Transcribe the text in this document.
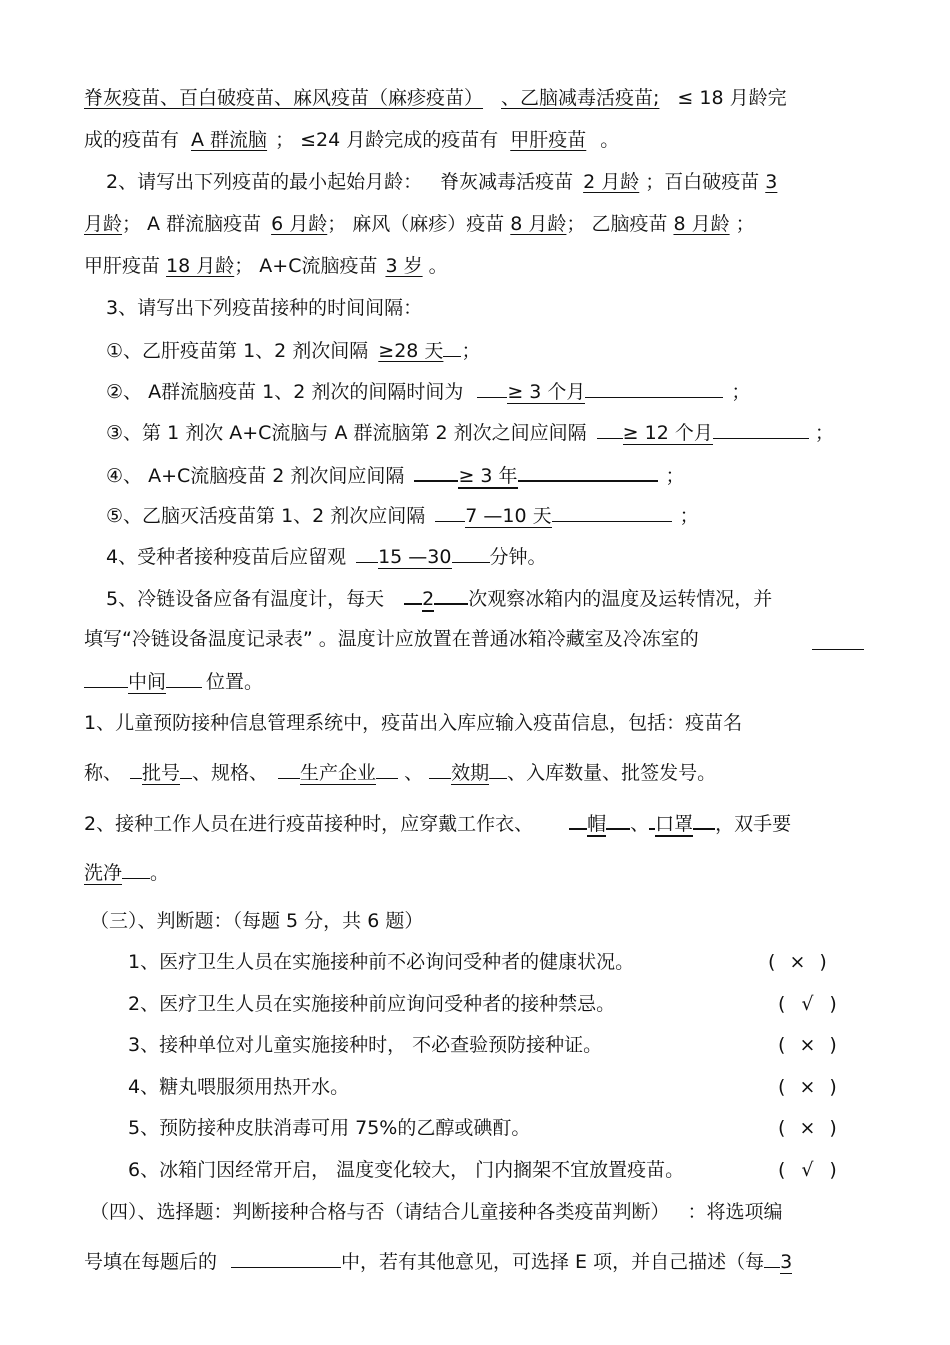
脊灰疫苗、百白破疫苗、麻风疫苗（麻疹疫苗） 、乙脑减毒活疫苗; ≤ 18 月龄完
成的疫苗有 A 群流脑 ； ≤24 月龄完成的疫苗有 甲肝疫苗 。
2、请写出下列疫苗的最小起始月龄： 脊灰减毒活疫苗 2 月龄 ；百白破疫苗 3
月龄； A 群流脑疫苗 6 月龄； 麻风（麻疹）疫苗 8 月龄； 乙脑疫苗 8 月龄 ；
甲肝疫苗 18 月龄； A+C流脑疫苗 3 岁 。
3、请写出下列疫苗接种的时间间隔：
①、乙肝疫苗第 1、2 剂次间隔 ≥28 天 ；
②、 A群流脑疫苗 1、2 剂次的间隔时间为 ≥ 3 个月	；
③、第 1 剂次 A+C流脑与 A 群流脑第 2 剂次之间应间隔 ≥ 12 个月	；
④、 A+C流脑疫苗 2 剂次间应间隔	≥ 3 年	；
⑤、乙脑灭活疫苗第 1、2 剂次应间隔 7 —10 天	；
4、受种者接种疫苗后应留观 15 —30 分钟。
5、冷链设备应备有温度计，每天 2 次观察冰箱内的温度及运转情况，并
填写“冷链设备温度记录表” 。温度计应放置在普通冰箱冷藏室及冷冻室的
中间 位置。
1、儿童预防接种信息管理系统中，疫苗出入库应输入疫苗信息，包括：疫苗名
称、 批号 、规格、 生产企业 、 效期 、入库数量、批签发号。
2、接种工作人员在进行疫苗接种时，应穿戴工作衣、	帽 、 口罩 ，双手要
洗净 。
（三）、判断题：（每题 5 分，共 6 题）
1、医疗卫生人员在实施接种前不必询问受种者的健康状况。	( × )
2、医疗卫生人员在实施接种前应询问受种者的接种禁忌。	( √ )
3、接种单位对儿童实施接种时， 不必查验预防接种证。	( × )
4、糖丸喂服须用热开水。	( × )
5、预防接种皮肤消毒可用 75%的乙醇或碘酊。	( × )
6、冰箱门因经常开启， 温度变化较大， 门内搁架不宜放置疫苗。	( √ )
（四）、选择题：判断接种合格与否（请结合儿童接种各类疫苗判断） ：将选项编
号填在每题后的	中，若有其他意见，可选择 E 项，并自己描述（每 3
